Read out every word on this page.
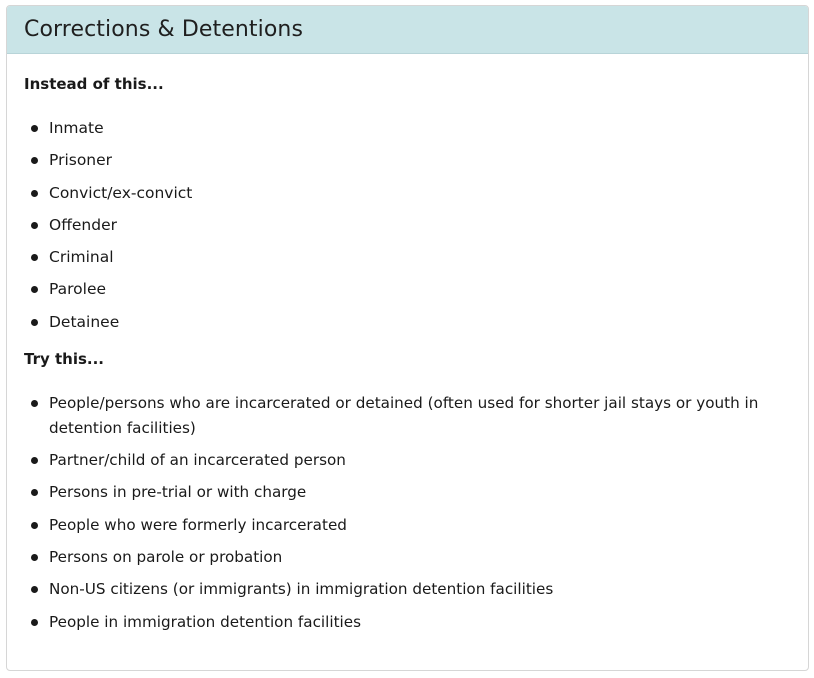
Corrections & Detentions
Instead of this...
Inmate
Prisoner
Convict/ex-convict
Offender
Criminal
Parolee
Detainee
Try this...
People/persons who are incarcerated or detained (often used for shorter jail stays or youth in detention facilities)
Partner/child of an incarcerated person
Persons in pre-trial or with charge
People who were formerly incarcerated
Persons on parole or probation
Non-US citizens (or immigrants) in immigration detention facilities
People in immigration detention facilities
